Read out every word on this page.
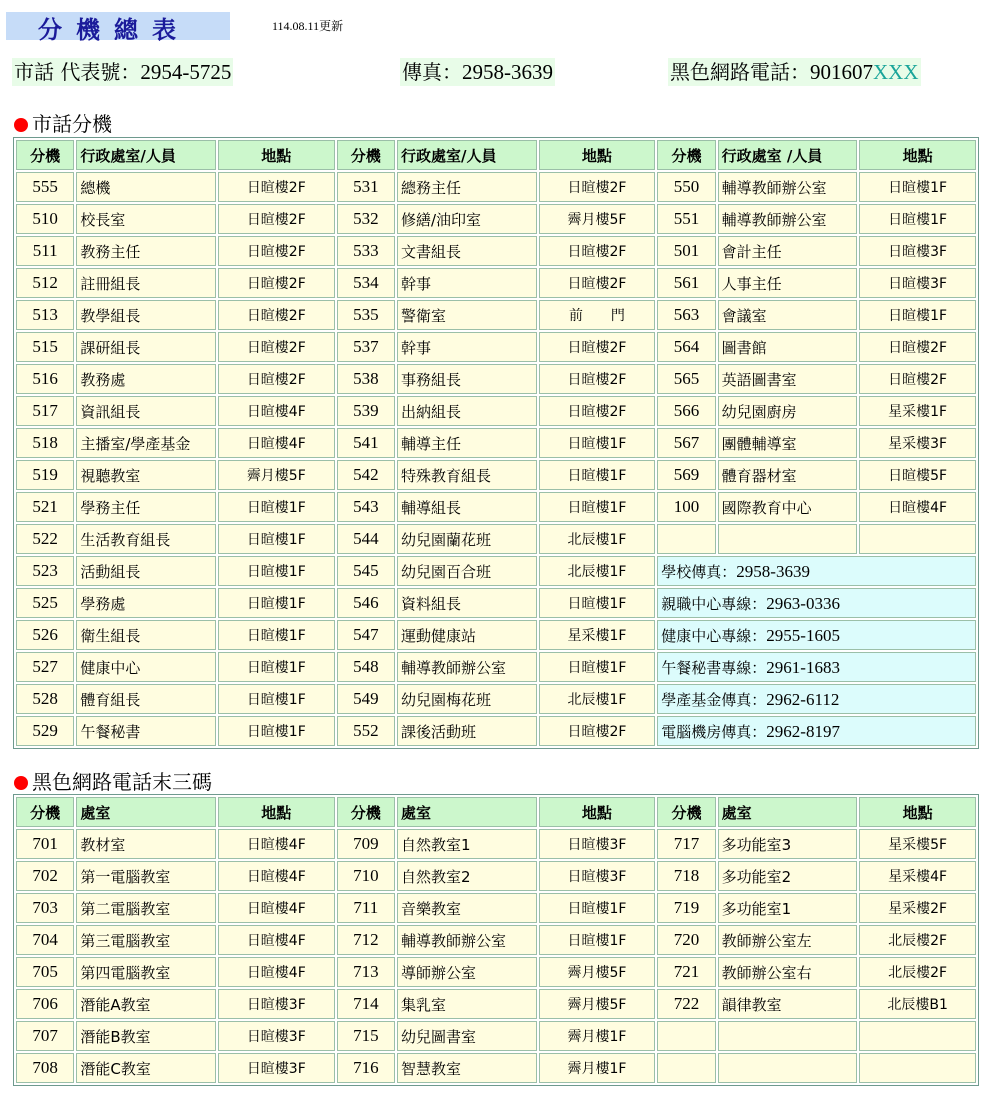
分機總表	114.08.11更新
市話 代表號：2954-5725	傳真：2958-3639	黑色網路電話：901607XXX
市話分機
分機	行政處室/人員	地點	分機	行政處室/人員	地點	分機	行政處室 /人員	地點
555	總機	日暄樓2F	531	總務主任	日暄樓2F	550	輔導教師辦公室	日暄樓1F
510	校長室	日暄樓2F	532	修繕/油印室	霽月樓5F	551	輔導教師辦公室	日暄樓1F
511	教務主任	日暄樓2F	533	文書組長	日暄樓2F	501	會計主任	日暄樓3F
512	註冊組長	日暄樓2F	534	幹事	日暄樓2F	561	人事主任	日暄樓3F
513	教學組長	日暄樓2F	535	警衛室	前　　門	563	會議室	日暄樓1F
515	課研組長	日暄樓2F	537	幹事	日暄樓2F	564	圖書館	日暄樓2F
516	教務處	日暄樓2F	538	事務組長	日暄樓2F	565	英語圖書室	日暄樓2F
517	資訊組長	日暄樓4F	539	出納組長	日暄樓2F	566	幼兒園廚房	星采樓1F
518	主播室/學產基金	日暄樓4F	541	輔導主任	日暄樓1F	567	團體輔導室	星采樓3F
519	視聽教室	霽月樓5F	542	特殊教育組長	日暄樓1F	569	體育器材室	日暄樓5F
521	學務主任	日暄樓1F	543	輔導組長	日暄樓1F	100	國際教育中心	日暄樓4F
522	生活教育組長	日暄樓1F	544	幼兒園蘭花班	北辰樓1F			
523	活動組長	日暄樓1F	545	幼兒園百合班	北辰樓1F	學校傳真：2958-3639		
525	學務處	日暄樓1F	546	資料組長	日暄樓1F	親職中心專線：2963-0336		
526	衛生組長	日暄樓1F	547	運動健康站	星采樓1F	健康中心專線：2955-1605		
527	健康中心	日暄樓1F	548	輔導教師辦公室	日暄樓1F	午餐秘書專線：2961-1683		
528	體育組長	日暄樓1F	549	幼兒園梅花班	北辰樓1F	學產基金傳真：2962-6112		
529	午餐秘書	日暄樓1F	552	課後活動班	日暄樓2F	電腦機房傳真：2962-8197		
黑色網路電話末三碼
分機	處室	地點	分機	處室	地點	分機	處室	地點
701	教材室	日暄樓4F	709	自然教室1	日暄樓3F	717	多功能室3	星采樓5F
702	第一電腦教室	日暄樓4F	710	自然教室2	日暄樓3F	718	多功能室2	星采樓4F
703	第二電腦教室	日暄樓4F	711	音樂教室	日暄樓1F	719	多功能室1	星采樓2F
704	第三電腦教室	日暄樓4F	712	輔導教師辦公室	日暄樓1F	720	教師辦公室左	北辰樓2F
705	第四電腦教室	日暄樓4F	713	導師辦公室	霽月樓5F	721	教師辦公室右	北辰樓2F
706	潛能A教室	日暄樓3F	714	集乳室	霽月樓5F	722	韻律教室	北辰樓B1
707	潛能B教室	日暄樓3F	715	幼兒圖書室	霽月樓1F			
708	潛能C教室	日暄樓3F	716	智慧教室	霽月樓1F			
